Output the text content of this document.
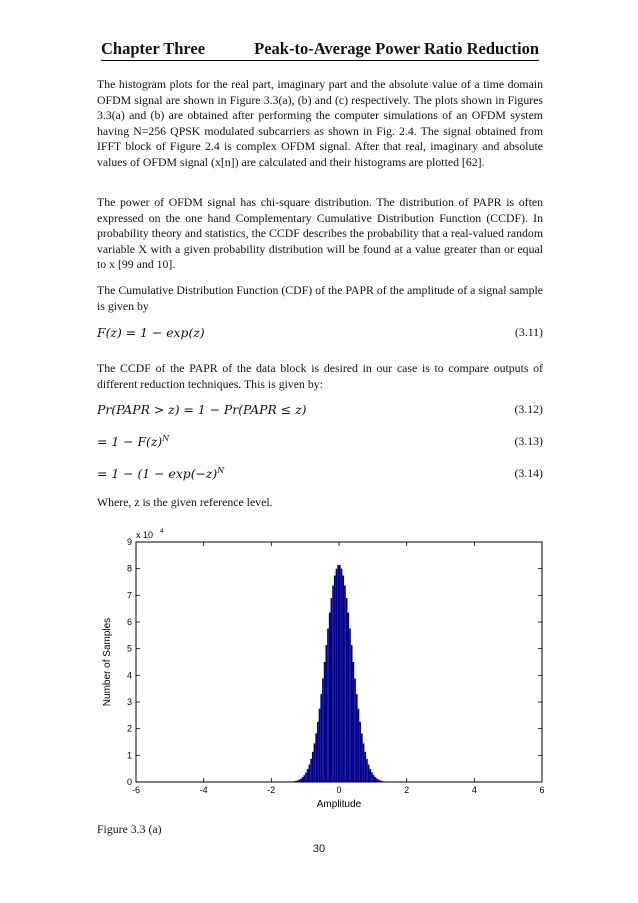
Chapter Three	Peak-to-Average Power Ratio Reduction

The histogram plots for the real part, imaginary part and the absolute value of a time domain OFDM signal are shown in Figure 3.3(a), (b) and (c) respectively. The plots shown in Figures 3.3(a) and (b) are obtained after performing the computer simulations of an OFDM system having N=256 QPSK modulated subcarriers as shown in Fig. 2.4. The signal obtained from IFFT block of Figure 2.4 is complex OFDM signal. After that real, imaginary and absolute values of OFDM signal (x[n]) are calculated and their histograms are plotted [62].

The power of OFDM signal has chi-square distribution. The distribution of PAPR is often expressed on the one hand Complementary Cumulative Distribution Function (CCDF). In probability theory and statistics, the CCDF describes the probability that a real-valued random variable X with a given probability distribution will be found at a value greater than or equal to x [99 and 10].

The Cumulative Distribution Function (CDF) of the PAPR of the amplitude of a signal sample is given by

F(z) = 1 − exp(z)	(3.11)

The CCDF of the PAPR of the data block is desired in our case is to compare outputs of different reduction techniques. This is given by:

Pr(PAPR > z) = 1 − Pr(PAPR ≤ z)	(3.12)
= $1 - F(z)^N$	(3.13)
= $1 - (1 - \exp(-z)^N$	(3.14)

Where, z is the given reference level.

-6	-4	-2	0	2	4	6
0
1
2
3
4
5
6
7
8
9
x 10 4
Amplitude
Number of Samples
Figure 3.3 (a)
30
